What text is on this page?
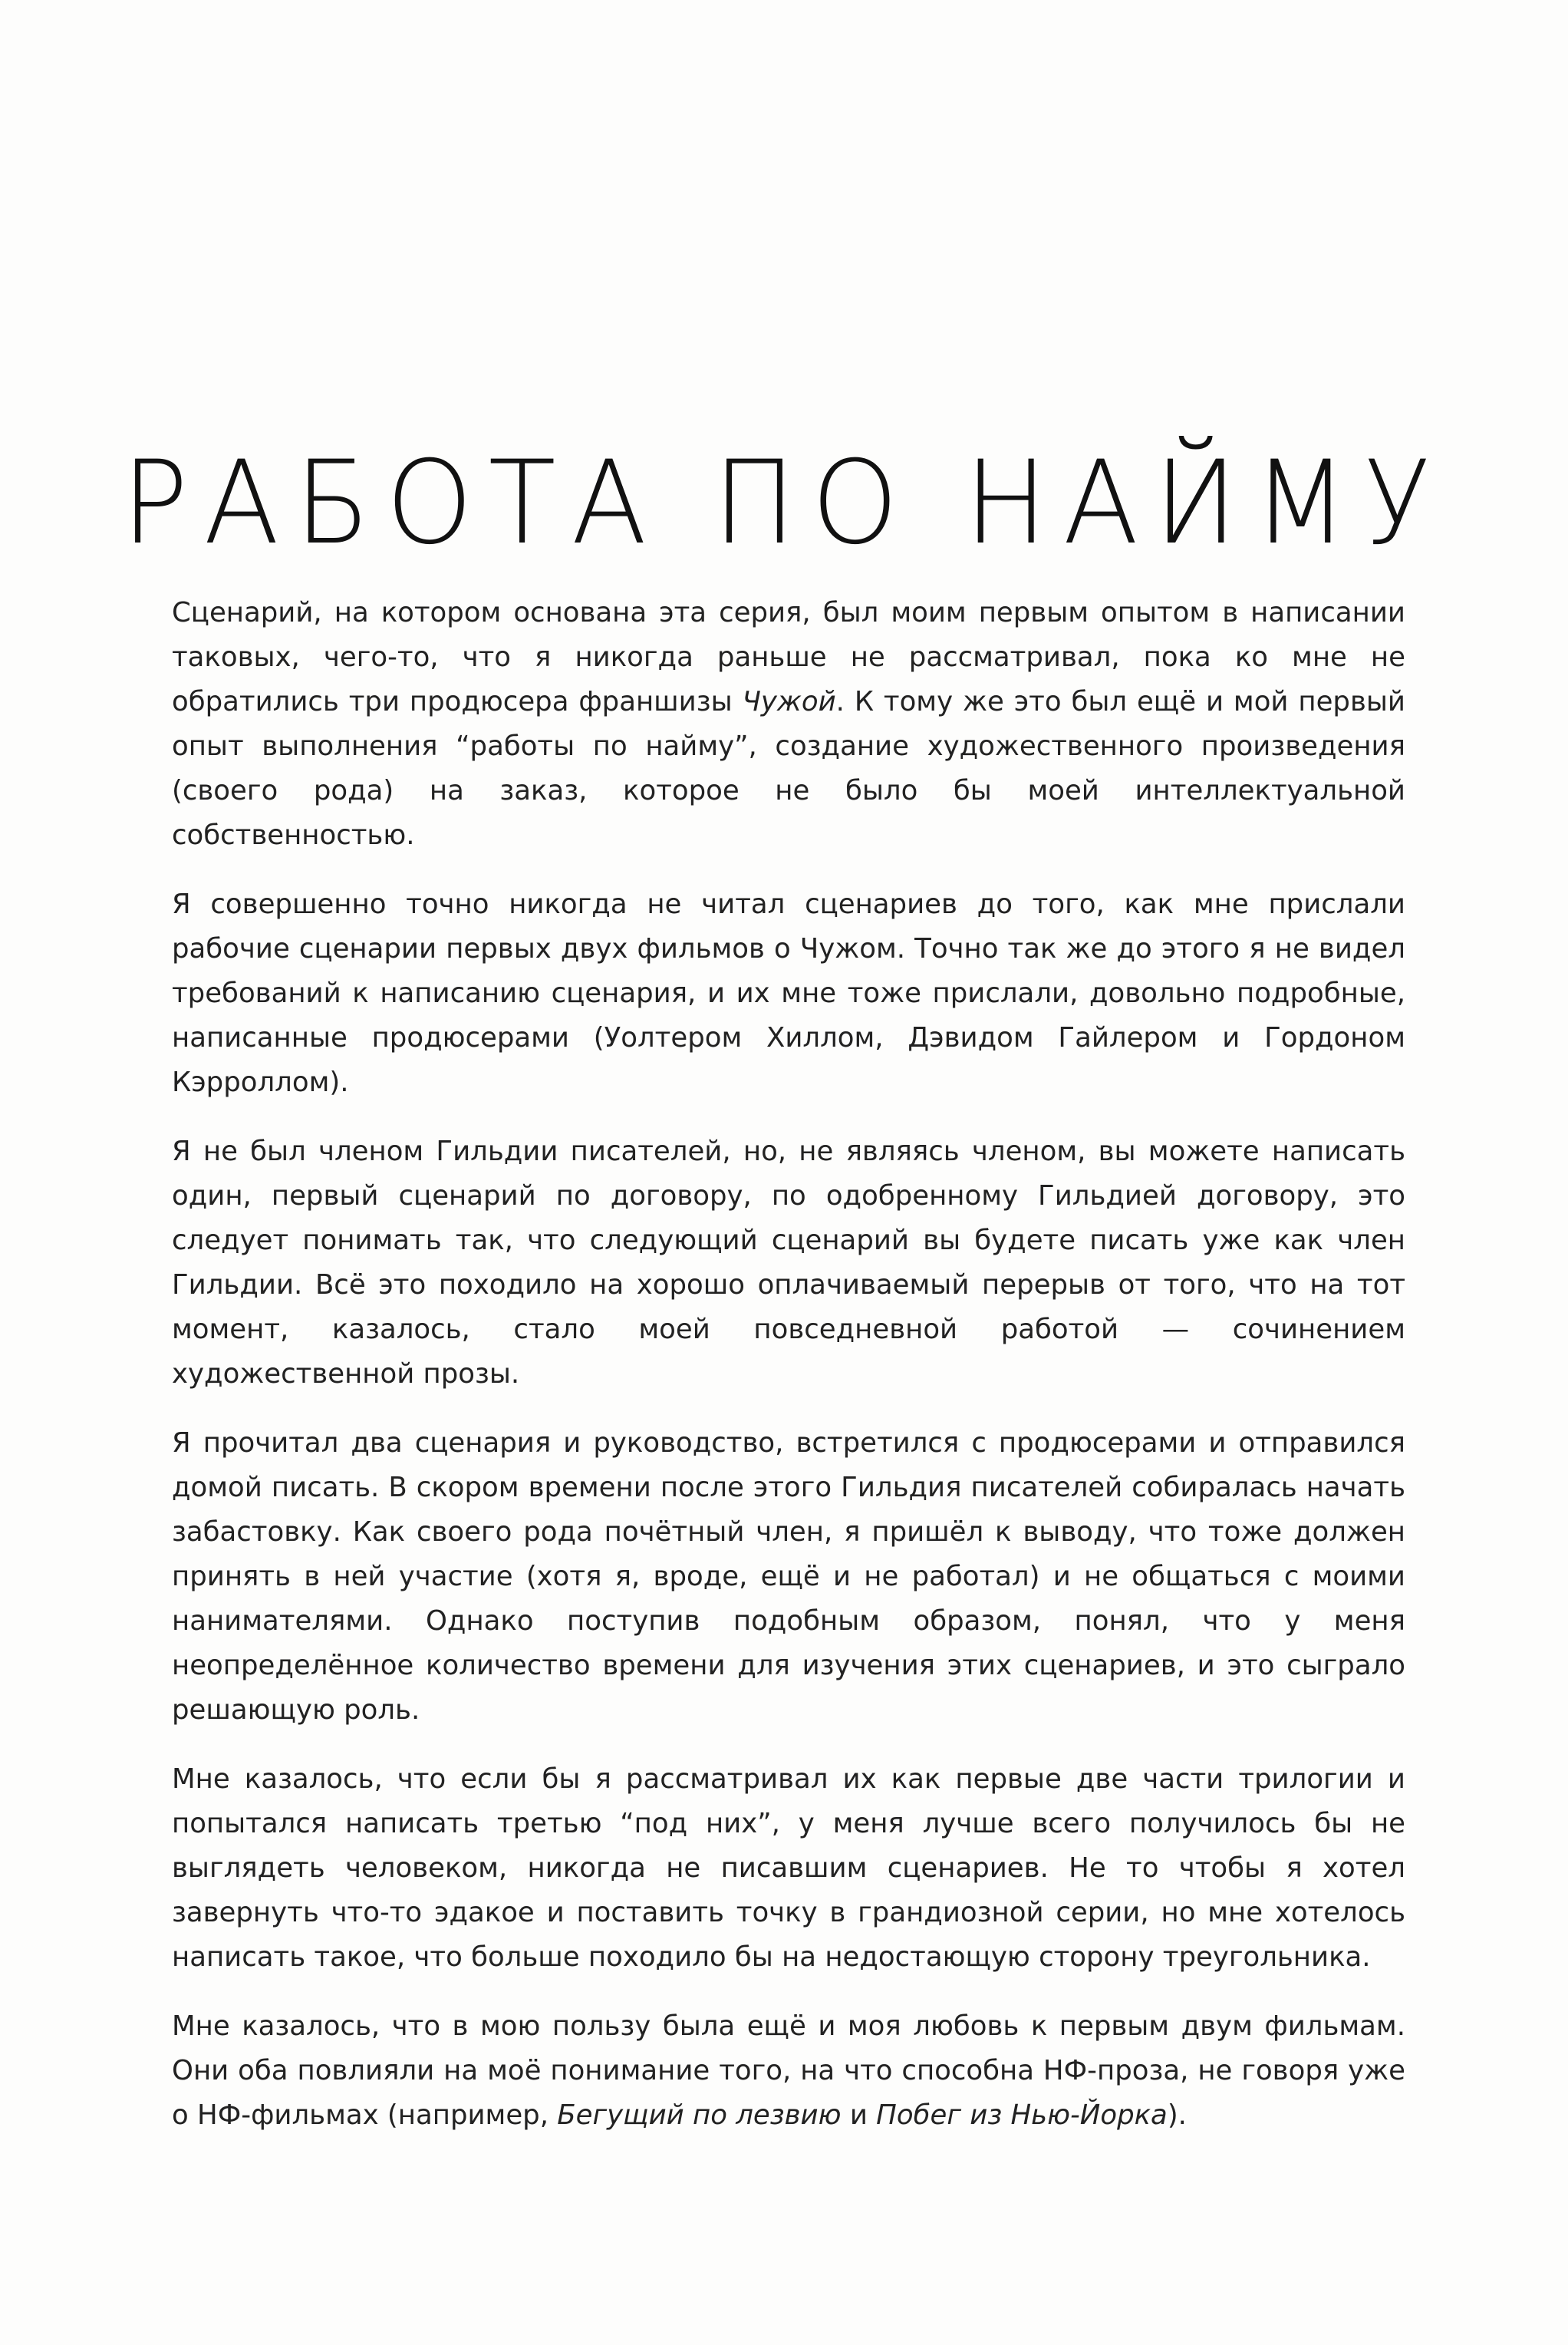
РАБОТА ПО НАЙМУ

Сценарий, на котором основана эта серия, был моим первым опытом в написании таковых, чего-то, что я никогда раньше не рассматривал, пока ко мне не обратились три продюсера франшизы Чужой. К тому же это был ещё и мой первый опыт выполнения “работы по найму”, создание художественного произведения (своего рода) на заказ, которое не было бы моей интеллектуальной собственностью.

Я совершенно точно никогда не читал сценариев до того, как мне прислали рабочие сценарии первых двух фильмов о Чужом. Точно так же до этого я не видел требований к написанию сценария, и их мне тоже прислали, довольно подробные, написанные продюсерами (Уолтером Хиллом, Дэвидом Гайлером и Гордоном Кэрроллом).

Я не был членом Гильдии писателей, но, не являясь членом, вы можете написать один, первый сценарий по договору, по одобренному Гильдией договору, это следует понимать так, что следующий сценарий вы будете писать уже как член Гильдии. Всё это походило на хорошо оплачиваемый перерыв от того, что на тот момент, казалось, стало моей повседневной работой — сочинением художественной прозы.

Я прочитал два сценария и руководство, встретился с продюсерами и отправился домой писать. В скором времени после этого Гильдия писателей собиралась начать забастовку. Как своего рода почётный член, я пришёл к выводу, что тоже должен принять в ней участие (хотя я, вроде, ещё и не работал) и не общаться с моими нанимателями. Однако поступив подобным образом, понял, что у меня неопределённое количество времени для изучения этих сценариев, и это сыграло решающую роль.

Мне казалось, что если бы я рассматривал их как первые две части трилогии и попытался написать третью “под них”, у меня лучше всего получилось бы не выглядеть человеком, никогда не писавшим сценариев. Не то чтобы я хотел завернуть что-то эдакое и поставить точку в грандиозной серии, но мне хотелось написать такое, что больше походило бы на недостающую сторону треугольника.

Мне казалось, что в мою пользу была ещё и моя любовь к первым двум фильмам. Они оба повлияли на моё понимание того, на что способна НФ-проза, не говоря уже о НФ-фильмах (например, Бегущий по лезвию и Побег из Нью-Йорка).
